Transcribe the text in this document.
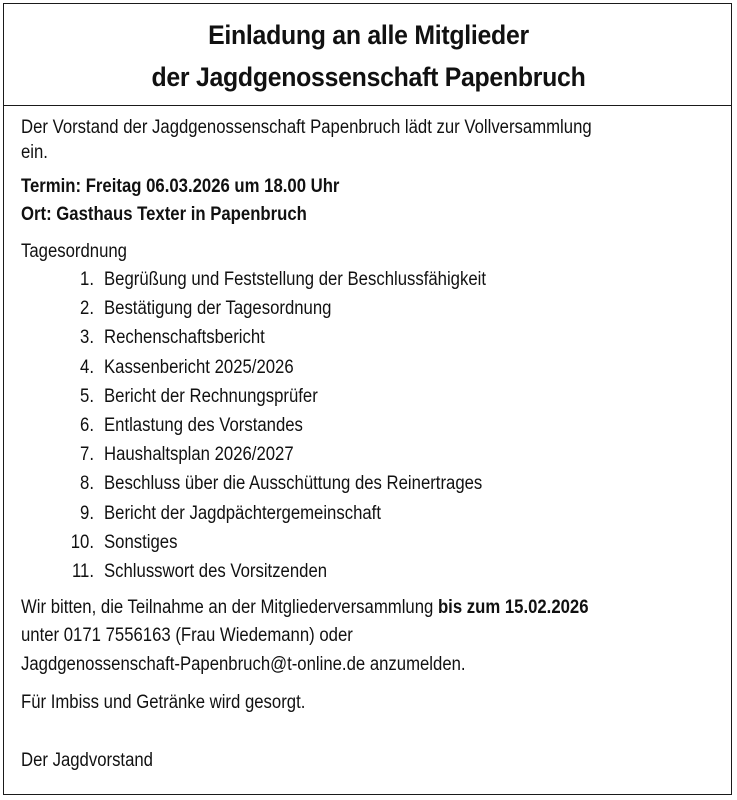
Einladung an alle Mitglieder
der Jagdgenossenschaft Papenbruch
Der Vorstand der Jagdgenossenschaft Papenbruch lädt zur Vollversammlung
ein.
Termin: Freitag 06.03.2026 um 18.00 Uhr
Ort: Gasthaus Texter in Papenbruch
Tagesordnung
1. Begrüßung und Feststellung der Beschlussfähigkeit
2. Bestätigung der Tagesordnung
3. Rechenschaftsbericht
4. Kassenbericht 2025/2026
5. Bericht der Rechnungsprüfer
6. Entlastung des Vorstandes
7. Haushaltsplan 2026/2027
8. Beschluss über die Ausschüttung des Reinertrages
9. Bericht der Jagdpächtergemeinschaft
10. Sonstiges
11. Schlusswort des Vorsitzenden
Wir bitten, die Teilnahme an der Mitgliederversammlung bis zum 15.02.2026
unter 0171 7556163 (Frau Wiedemann) oder
Jagdgenossenschaft-Papenbruch@t-online.de anzumelden.
Für Imbiss und Getränke wird gesorgt.
Der Jagdvorstand
